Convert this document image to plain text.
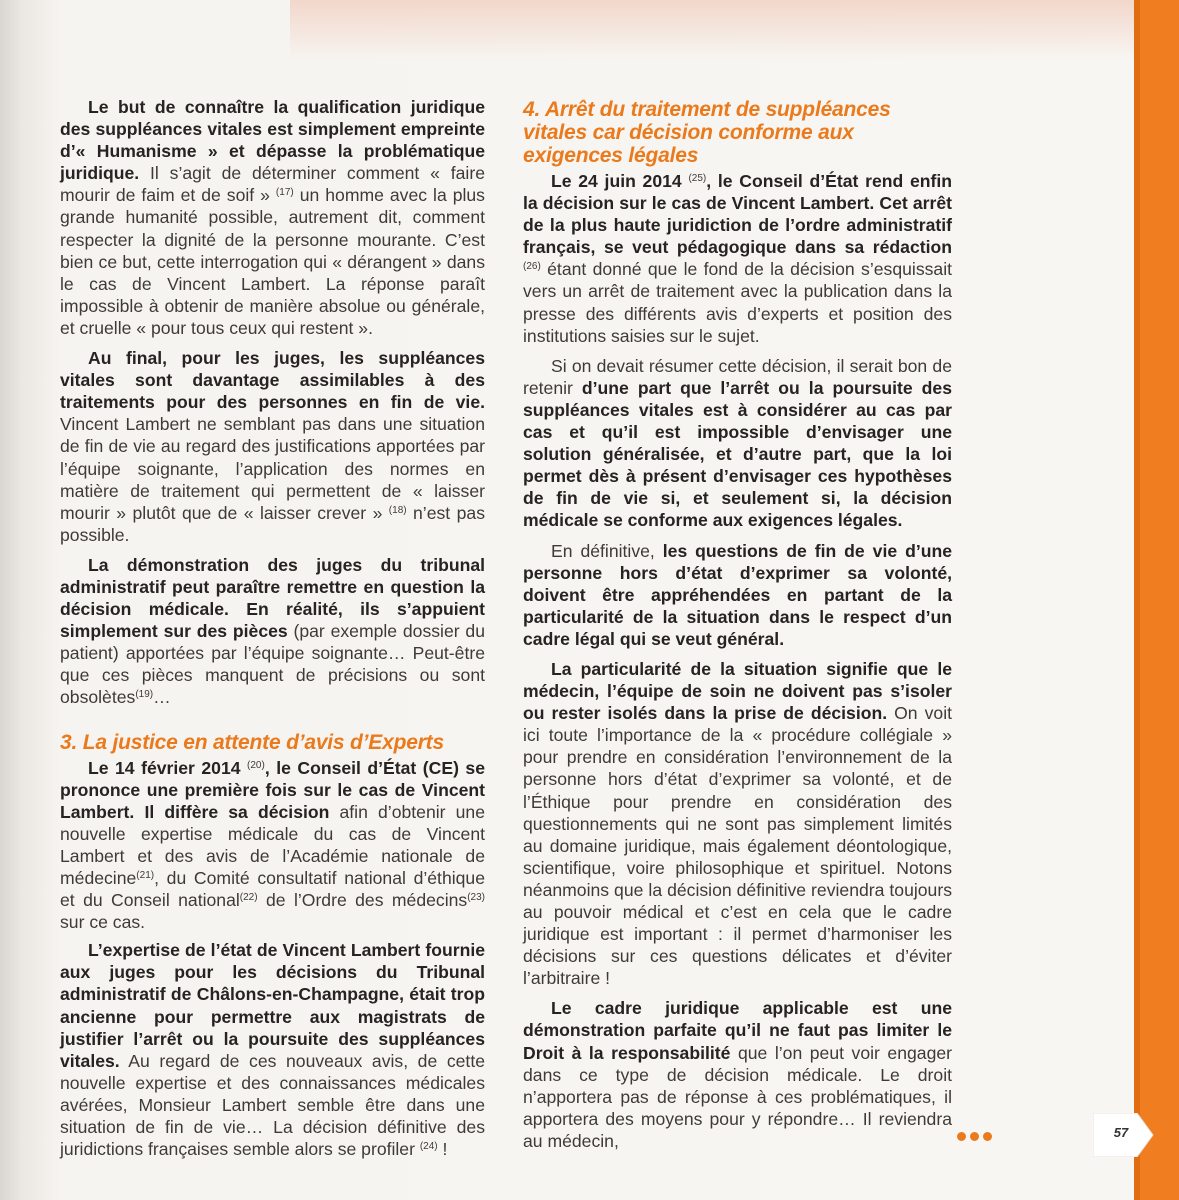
Le but de connaître la qualification juridique des suppléances vitales est simplement empreinte d’« Humanisme » et dépasse la problématique juridique. Il s’agit de déterminer comment « faire mourir de faim et de soif » $^{(17)}$ un homme avec la plus grande humanité possible, autrement dit, comment respecter la dignité de la personne mourante. C’est bien ce but, cette interrogation qui « dérangent » dans le cas de Vincent Lambert. La réponse paraît impossible à obtenir de manière absolue ou générale, et cruelle « pour tous ceux qui restent ».

Au final, pour les juges, les suppléances vitales sont davantage assimilables à des traitements pour des personnes en fin de vie. Vincent Lambert ne semblant pas dans une situation de fin de vie au regard des justifications apportées par l’équipe soignante, l’application des normes en matière de traitement qui permettent de « laisser mourir » plutôt que de « laisser crever » $^{(18)}$ n’est pas possible.

La démonstration des juges du tribunal administratif peut paraître remettre en question la décision médicale. En réalité, ils s’appuient simplement sur des pièces (par exemple dossier du patient) apportées par l’équipe soignante… Peut-être que ces pièces manquent de précisions ou sont obsolètes$^{(19)}$…

3. La justice en attente d’avis d’Experts

Le 14 février 2014 $^{(20)}$, le Conseil d’État (CE) se prononce une première fois sur le cas de Vincent Lambert. Il diffère sa décision afin d’obtenir une nouvelle expertise médicale du cas de Vincent Lambert et des avis de l’Académie nationale de médecine$^{(21)}$, du Comité consultatif national d’éthique et du Conseil national$^{(22)}$ de l’Ordre des médecins$^{(23)}$ sur ce cas.

L’expertise de l’état de Vincent Lambert fournie aux juges pour les décisions du Tribunal administratif de Châlons-en-Champagne, était trop ancienne pour permettre aux magistrats de justifier l’arrêt ou la poursuite des suppléances vitales. Au regard de ces nouveaux avis, de cette nouvelle expertise et des connaissances médicales avérées, Monsieur Lambert semble être dans une situation de fin de vie… La décision définitive des juridictions françaises semble alors se profiler $^{(24)}$ !

4. Arrêt du traitement de suppléances vitales car décision conforme aux exigences légales

Le 24 juin 2014 $^{(25)}$, le Conseil d’État rend enfin la décision sur le cas de Vincent Lambert. Cet arrêt de la plus haute juridiction de l’ordre administratif français, se veut pédagogique dans sa rédaction $^{(26)}$ étant donné que le fond de la décision s’esquissait vers un arrêt de traitement avec la publication dans la presse des différents avis d’experts et position des institutions saisies sur le sujet.

Si on devait résumer cette décision, il serait bon de retenir d’une part que l’arrêt ou la poursuite des suppléances vitales est à considérer au cas par cas et qu’il est impossible d’envisager une solution généralisée, et d’autre part, que la loi permet dès à présent d’envisager ces hypothèses de fin de vie si, et seulement si, la décision médicale se conforme aux exigences légales.

En définitive, les questions de fin de vie d’une personne hors d’état d’exprimer sa volonté, doivent être appréhendées en partant de la particularité de la situation dans le respect d’un cadre légal qui se veut général.

La particularité de la situation signifie que le médecin, l’équipe de soin ne doivent pas s’isoler ou rester isolés dans la prise de décision. On voit ici toute l’importance de la « procédure collégiale » pour prendre en considération l’environnement de la personne hors d’état d’exprimer sa volonté, et de l’Éthique pour prendre en considération des questionnements qui ne sont pas simplement limités au domaine juridique, mais également déontologique, scientifique, voire philosophique et spirituel. Notons néanmoins que la décision définitive reviendra toujours au pouvoir médical et c’est en cela que le cadre juridique est important : il permet d’harmoniser les décisions sur ces questions délicates et d’éviter l’arbitraire !

Le cadre juridique applicable est une démonstration parfaite qu’il ne faut pas limiter le Droit à la responsabilité que l’on peut voir engager dans ce type de décision médicale. Le droit n’apportera pas de réponse à ces problématiques, il apportera des moyens pour y répondre… Il reviendra au médecin,	57
